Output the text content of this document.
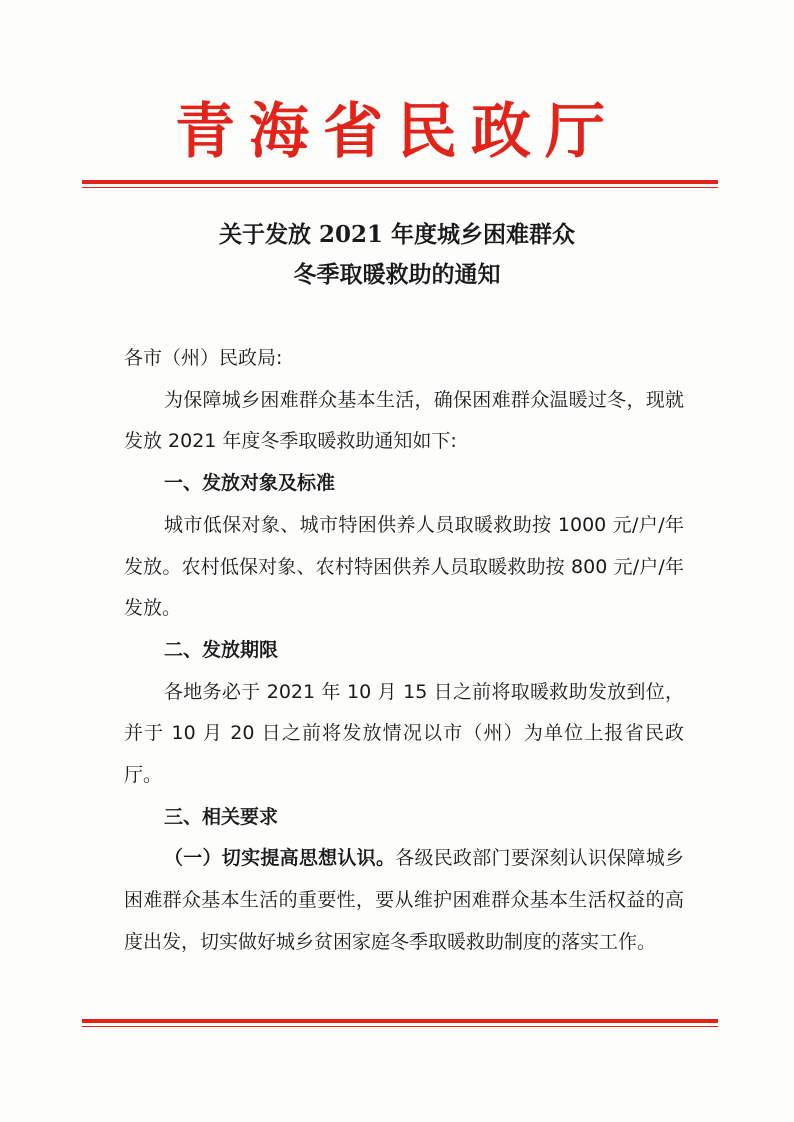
青海省民政厅
关于发放 2021 年度城乡困难群众
冬季取暖救助的通知

各市（州）民政局:

为保障城乡困难群众基本生活，确保困难群众温暖过冬，现就发放 2021 年度冬季取暖救助通知如下:

一、发放对象及标准

城市低保对象、城市特困供养人员取暖救助按 1000 元/户/年发放。农村低保对象、农村特困供养人员取暖救助按 800 元/户/年发放。

二、发放期限

各地务必于 2021 年 10 月 15 日之前将取暖救助发放到位，并于 10 月 20 日之前将发放情况以市（州）为单位上报省民政厅。

三、相关要求

（一）切实提高思想认识。各级民政部门要深刻认识保障城乡困难群众基本生活的重要性，要从维护困难群众基本生活权益的高度出发，切实做好城乡贫困家庭冬季取暖救助制度的落实工作。
